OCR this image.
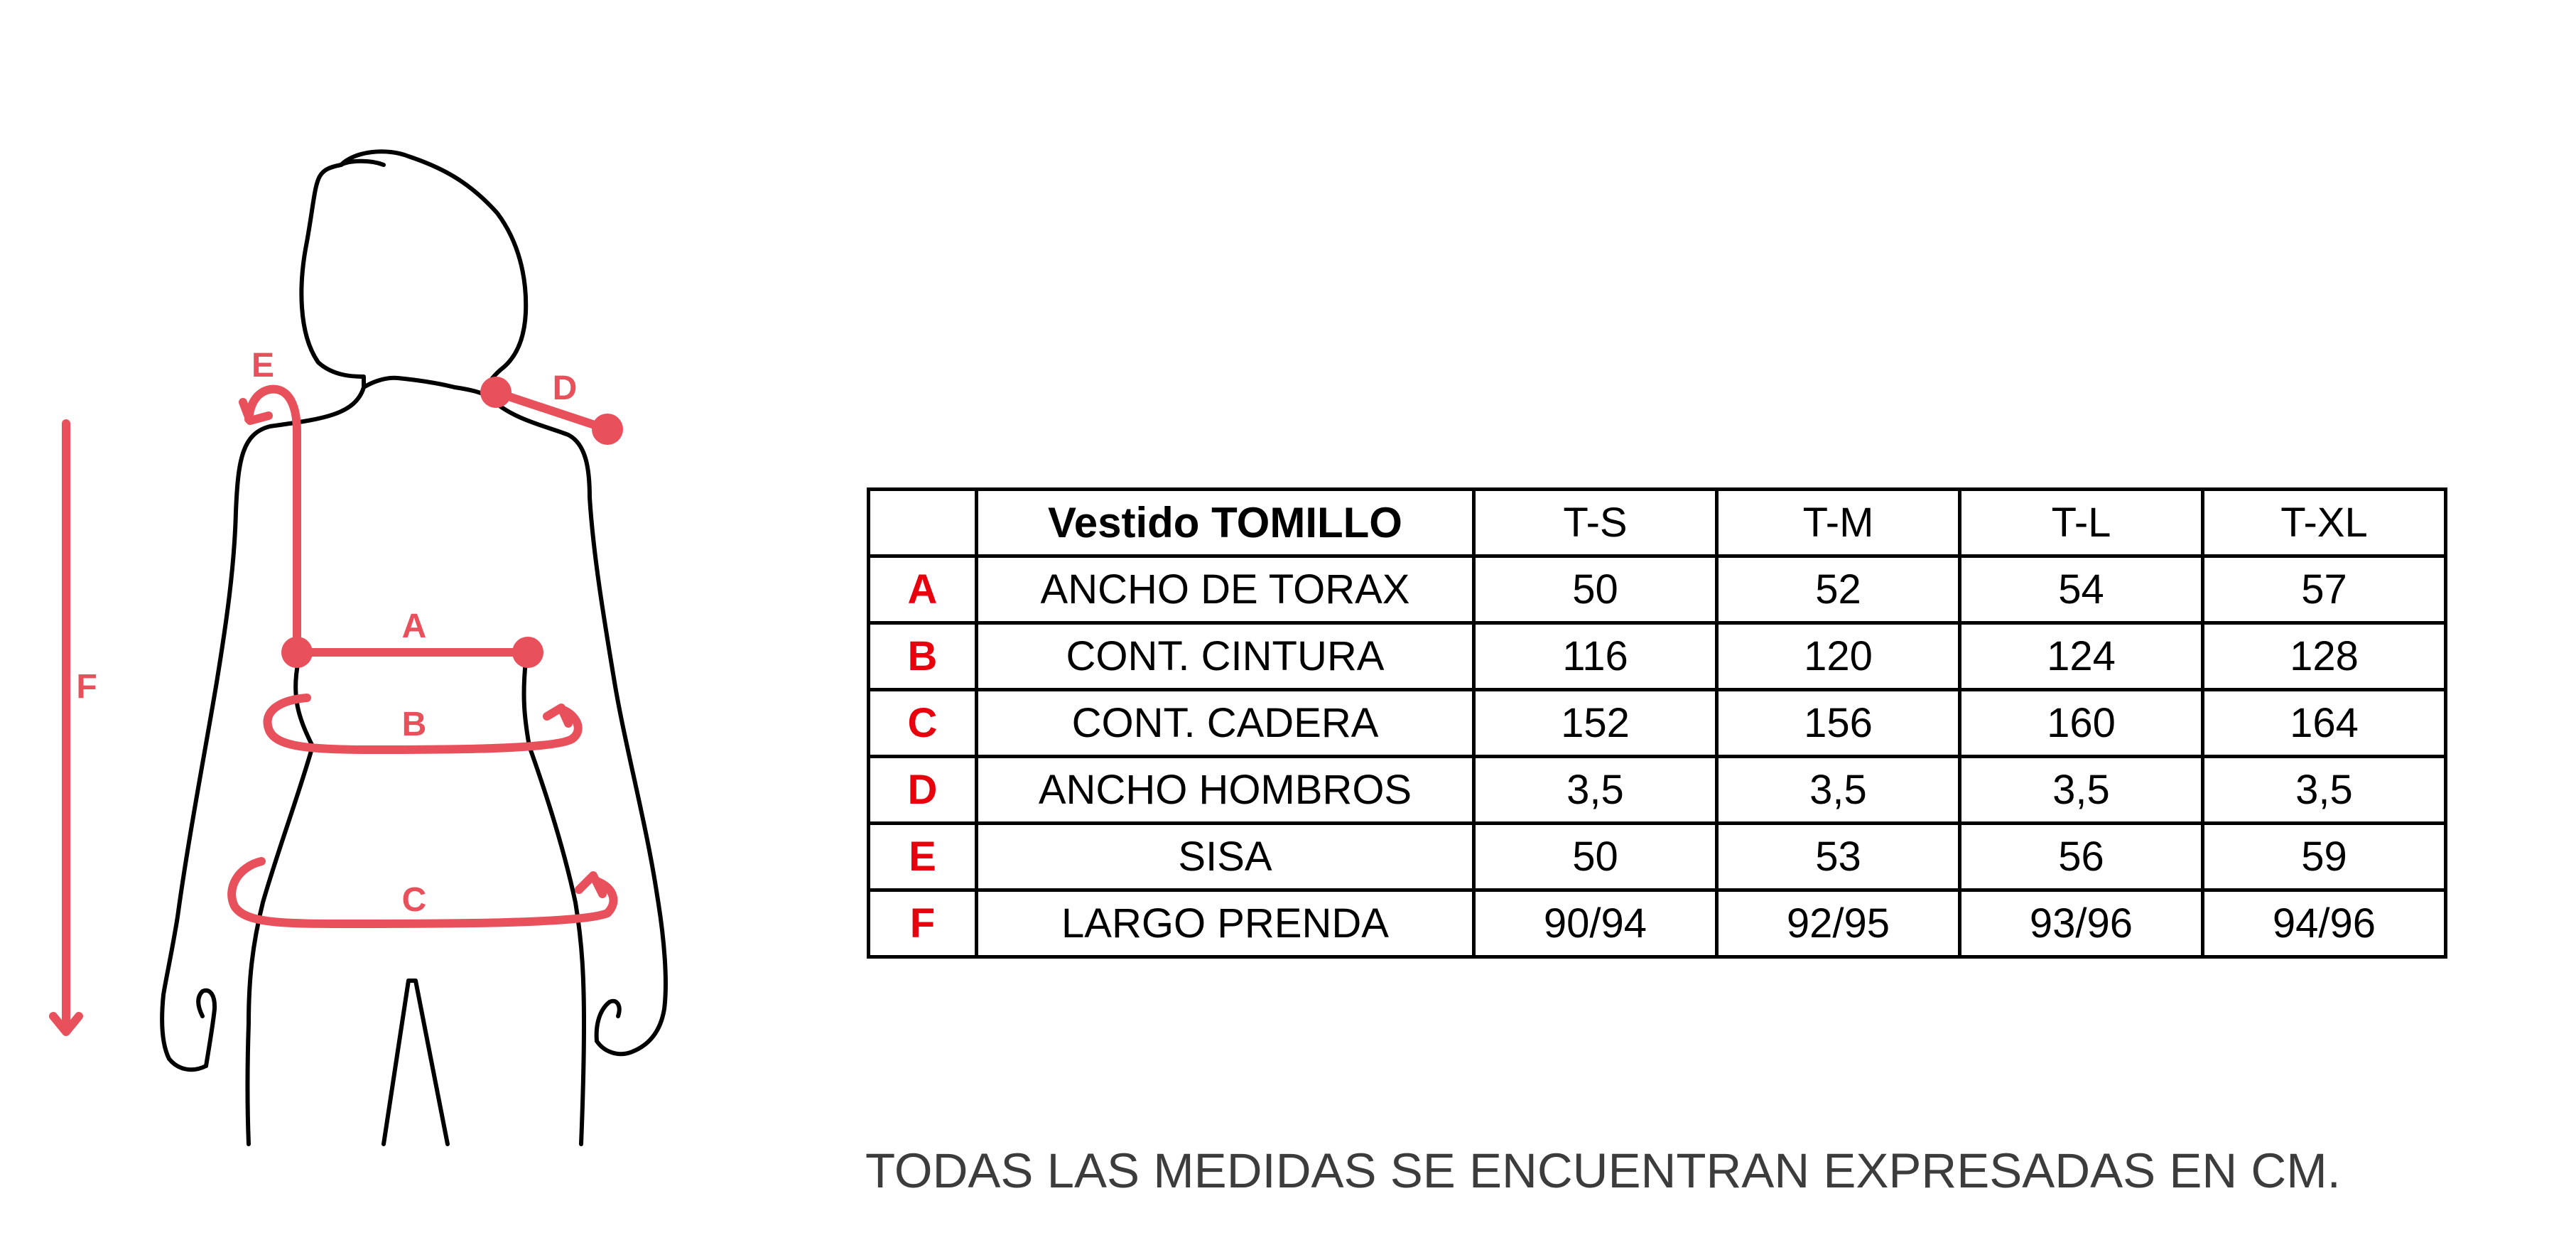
E
D
F
A
B
C
	Vestido TOMILLO	T-S	T-M	T-L	T-XL
A	ANCHO DE TORAX	50	52	54	57
B	CONT. CINTURA	116	120	124	128
C	CONT. CADERA	152	156	160	164
D	ANCHO HOMBROS	3,5	3,5	3,5	3,5
E	SISA	50	53	56	59
F	LARGO PRENDA	90/94	92/95	93/96	94/96
TODAS LAS MEDIDAS SE ENCUENTRAN EXPRESADAS EN CM.
